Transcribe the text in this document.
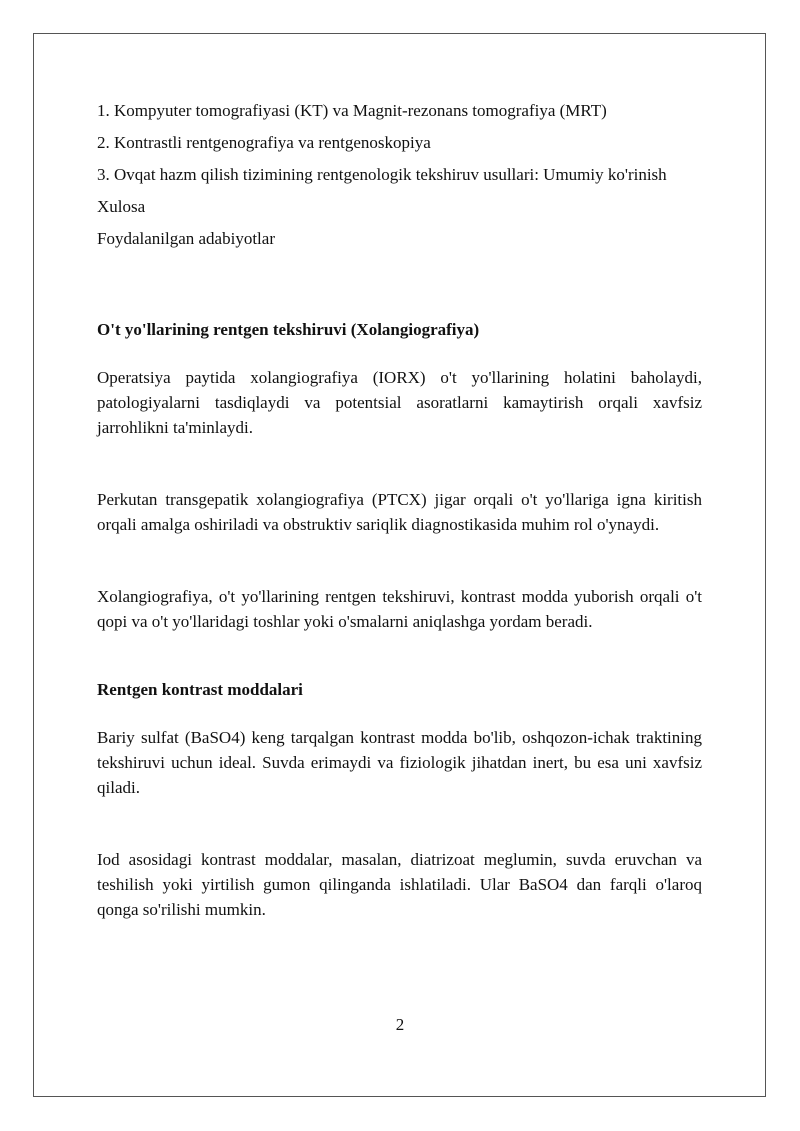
1. Kompyuter tomografiyasi (KT) va Magnit-rezonans tomografiya (MRT)

2. Kontrastli rentgenografiya va rentgenoskopiya

3. Ovqat hazm qilish tizimining rentgenologik tekshiruv usullari: Umumiy ko'rinish

Xulosa

Foydalanilgan adabiyotlar

O't yo'llarining rentgen tekshiruvi (Xolangiografiya)

Operatsiya paytida xolangiografiya (IORX) o't yo'llarining holatini baholaydi, patologiyalarni tasdiqlaydi va potentsial asoratlarni kamaytirish orqali xavfsiz jarrohlikni ta'minlaydi.

Perkutan transgepatik xolangiografiya (PTCX) jigar orqali o't yo'llariga igna kiritish orqali amalga oshiriladi va obstruktiv sariqlik diagnostikasida muhim rol o'ynaydi.

Xolangiografiya, o't yo'llarining rentgen tekshiruvi, kontrast modda yuborish orqali o't qopi va o't yo'llaridagi toshlar yoki o'smalarni aniqlashga yordam beradi.

Rentgen kontrast moddalari

Bariy sulfat (BaSO4) keng tarqalgan kontrast modda bo'lib, oshqozon-ichak traktining tekshiruvi uchun ideal. Suvda erimaydi va fiziologik jihatdan inert, bu esa uni xavfsiz qiladi.

Iod asosidagi kontrast moddalar, masalan, diatrizoat meglumin, suvda eruvchan va teshilish yoki yirtilish gumon qilinganda ishlatiladi. Ular BaSO4 dan farqli o'laroq qonga so'rilishi mumkin.

2
